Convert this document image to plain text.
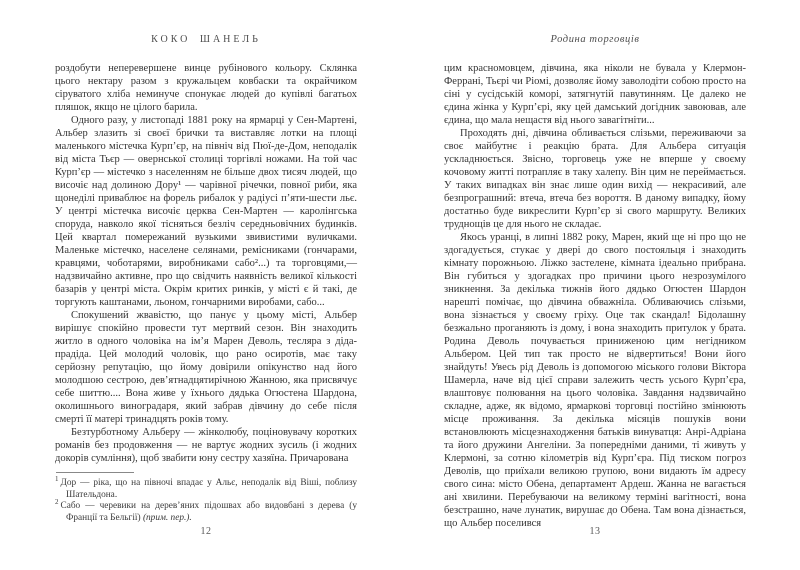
КОКО ШАНЕЛЬ

роздобути неперевершене винце рубінового кольору. Склянка цього нектару разом з кружальцем ковбаски та окрайчиком сіруватого хліба неминуче спонукає людей до купівлі багатьох пляшок, якщо не цілого барила.

Одного разу, у листопаді 1881 року на ярмарці у Сен-Мартені, Альбер злазить зі своєї брички та виставляє лотки на площі маленького містечка Курп’єр, на північ від Пюї-де-Дом, неподалік від міста Тьєр — овернської столиці торгівлі ножами. На той час Курп’єр — містечко з населенням не більше двох тисяч людей, що височіє над долиною Дору¹ — чарівної річечки, повної риби, яка щонеділі приваблює на форель рибалок у радіусі п’яти-шести льє. У центрі містечка височіє церква Сен-Мартен — каролінгська споруда, навколо якої тісняться безліч середньовічних будинків. Цей квартал помережаний вузькими звивистими вуличками. Маленьке містечко, населене селянами, ремісниками (гончарами, кравцями, чоботарями, виробниками сабо²...) та торговцями,— надзвичайно активне, про що свідчить наявність великої кількості базарів у центрі міста. Окрім критих ринків, у місті є й такі, де торгують каштанами, льоном, гончарними виробами, сабо...

Спокушений жвавістю, що панує у цьому місті, Альбер вирішує спокійно провести тут мертвий сезон. Він знаходить житло в одного чоловіка на ім’я Марен Деволь, тесляра з діда-прадіда. Цей молодий чоловік, що рано осиротів, має таку серйозну репутацію, що йому довірили опікунство над його молодшою сестрою, дев’ятнадцятирічною Жанною, яка присвячує себе шиттю.... Вона живе у їхнього дядька Огюстена Шардона, околишнього виноградаря, який забрав дівчину до себе після смерті її матері тринадцять років тому.

Безтурботному Альберу — жінколюбу, поціновувачу коротких романів без продовження — не вартує жодних зусиль (і жодних докорів сумління), щоб звабити юну сестру хазяїна. Причарована

$^1$ Дор — ріка, що на півночі впадає у Альє, неподалік від Віші, поблизу Шательдона.

$^2$ Сабо — черевики на дерев’яних підошвах або видовбані з дерева (у Франції та Бельгії) (прим. пер.).

12
Родина торговців

цим красномовцем, дівчина, яка ніколи не бувала у Клермон-Феррані, Тьєрі чи Ріомі, дозволяє йому заволодіти собою просто на сіні у сусідській коморі, затягнутій павутинням. Це далеко не єдина жінка у Курп’єрі, яку цей дамський догідник завоював, але єдина, що мала нещастя від нього завагітніти...

Проходять дні, дівчина обливається слізьми, переживаючи за своє майбутнє і реакцію брата. Для Альбера ситуація ускладнюється. Звісно, торговець уже не вперше у своєму кочовому житті потрапляє в таку халепу. Він цим не переймається. У таких випадках він знає лише один вихід — некрасивий, але безпрограшний: втеча, втеча без вороття. В даному випадку, йому достатньо буде викреслити Курп’єр зі свого маршруту. Великих труднощів це для нього не складає.

Якось уранці, в липні 1882 року, Марен, який ще ні про що не здогадується, стукає у двері до свого постояльця і знаходить кімнату порожньою. Ліжко застелене, кімната ідеально прибрана. Він губиться у здогадках про причини цього незрозумілого зникнення. За декілька тижнів його дядько Огюстен Шардон нарешті помічає, що дівчина обважніла. Обливаючись слізьми, вона зізнається у своєму гріху. Оце так скандал! Бідолашну безжально проганяють із дому, і вона знаходить притулок у брата. Родина Деволь почувається приниженою цим негідником Альбером. Цей тип так просто не відвертиться! Вони його знайдуть! Увесь рід Деволь із допомогою міського голови Віктора Шамерла, наче від цієї справи залежить честь усього Курп’єра, влаштовує полювання на цього чоловіка. Завдання надзвичайно складне, адже, як відомо, ярмаркові торговці постійно змінюють місце проживання. За декілька місяців пошуків вони встановлюють місцезнаходження батьків винуватця: Анрі-Адріана та його дружини Ангеліни. За попередніми даними, ті живуть у Клермоні, за сотню кілометрів від Курп’єра. Під тиском погроз Деволів, що приїхали великою групою, вони видають їм адресу свого сина: місто Обена, департамент Ардеш. Жанна не вагається ані хвилини. Перебуваючи на великому терміні вагітності, вона безстрашно, наче лунатик, вирушає до Обена. Там вона дізнається, що Альбер поселився

13
